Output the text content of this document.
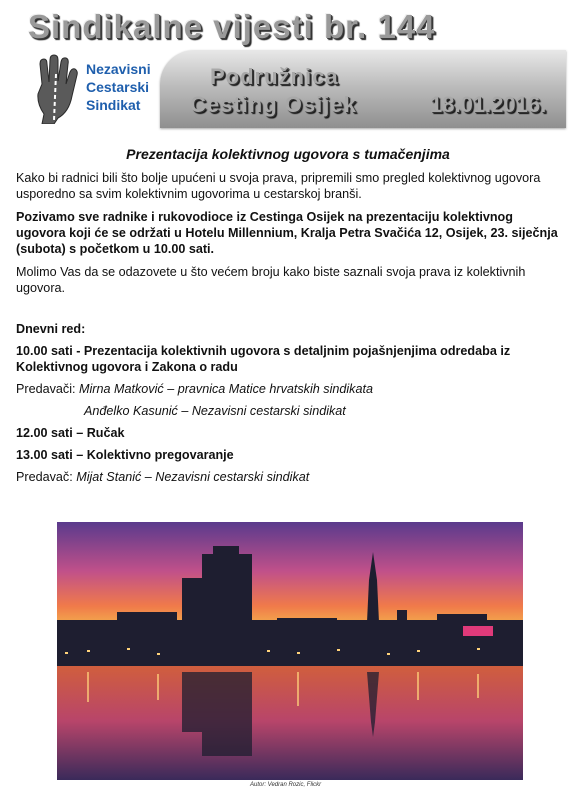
Sindikalne vijesti br. 144
Nezavisni
Cestarski
Sindikat
Podružnica
Cesting Osijek	18.01.2016.
Prezentacija kolektivnog ugovora s tumačenjima

Kako bi radnici bili što bolje upućeni u svoja prava, pripremili smo pregled kolektivnog ugovora usporedno sa svim kolektivnim ugovorima u cestarskoj branši.

Pozivamo sve radnike i rukovodioce iz Cestinga Osijek na prezentaciju kolektivnog ugovora koji će se održati u Hotelu Millennium, Kralja Petra Svačića 12, Osijek, 23. siječnja (subota) s početkom u 10.00 sati.

Molimo Vas da se odazovete u što većem broju kako biste saznali svoja prava iz kolektivnih ugovora.

Dnevni red:

10.00 sati - Prezentacija kolektivnih ugovora s detaljnim pojašnjenjima odredaba iz Kolektivnog ugovora i Zakona o radu

Predavači: Mirna Matković – pravnica Matice hrvatskih sindikata

Anđelko Kasunić – Nezavisni cestarski sindikat

12.00 sati – Ručak

13.00 sati – Kolektivno pregovaranje

Predavač: Mijat Stanić – Nezavisni cestarski sindikat

Autor: Vedran Rozic, Flickr
